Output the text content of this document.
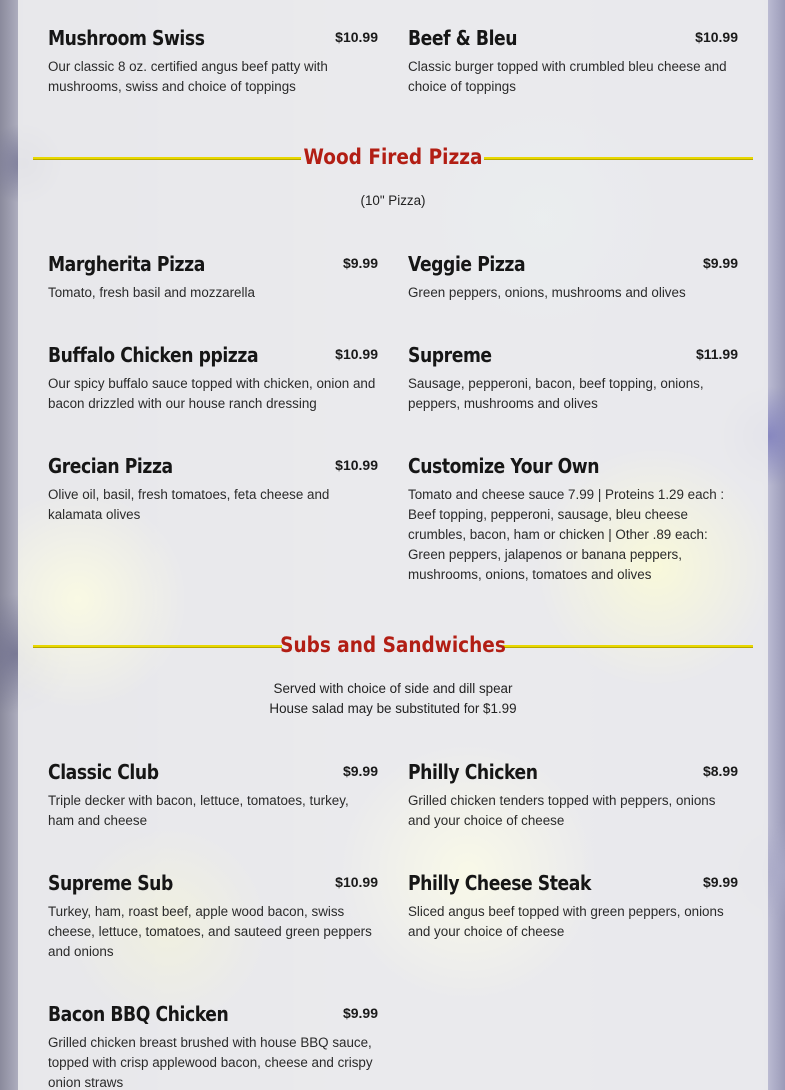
Mushroom Swiss	$10.99
Our classic 8 oz. certified angus beef patty with mushrooms, swiss and choice of toppings
Beef & Bleu	$10.99
Classic burger topped with crumbled bleu cheese and choice of toppings
Wood Fired Pizza
(10" Pizza)
Margherita Pizza	$9.99
Tomato, fresh basil and mozzarella
Veggie Pizza	$9.99
Green peppers, onions, mushrooms and olives
Buffalo Chicken ppizza	$10.99
Our spicy buffalo sauce topped with chicken, onion and bacon drizzled with our house ranch dressing
Supreme	$11.99
Sausage, pepperoni, bacon, beef topping, onions, peppers, mushrooms and olives
Grecian Pizza	$10.99
Olive oil, basil, fresh tomatoes, feta cheese and kalamata olives
Customize Your Own
Tomato and cheese sauce 7.99 | Proteins 1.29 each : Beef topping, pepperoni, sausage, bleu cheese crumbles, bacon, ham or chicken | Other .89 each: Green peppers, jalapenos or banana peppers, mushrooms, onions, tomatoes and olives
Subs and Sandwiches
Served with choice of side and dill spear
House salad may be substituted for $1.99
Classic Club	$9.99
Triple decker with bacon, lettuce, tomatoes, turkey, ham and cheese
Philly Chicken	$8.99
Grilled chicken tenders topped with peppers, onions and your choice of cheese
Supreme Sub	$10.99
Turkey, ham, roast beef, apple wood bacon, swiss cheese, lettuce, tomatoes, and sauteed green peppers and onions
Philly Cheese Steak	$9.99
Sliced angus beef topped with green peppers, onions and your choice of cheese
Bacon BBQ Chicken	$9.99
Grilled chicken breast brushed with house BBQ sauce, topped with crisp applewood bacon, cheese and crispy onion straws
